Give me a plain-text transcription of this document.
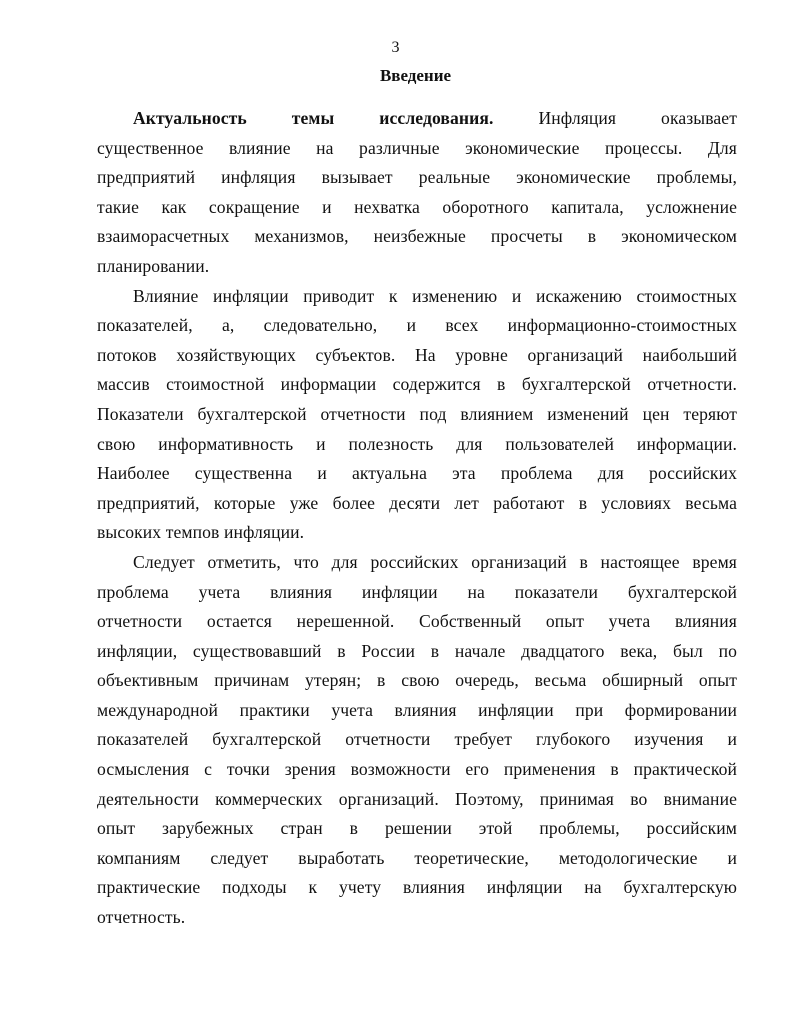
3
Введение
Актуальность темы исследования. Инфляция оказывает
существенное влияние на различные экономические процессы. Для
предприятий инфляция вызывает реальные экономические проблемы,
такие как сокращение и нехватка оборотного капитала, усложнение
взаиморасчетных механизмов, неизбежные просчеты в экономическом
планировании.
Влияние инфляции приводит к изменению и искажению стоимостных
показателей, а, следовательно, и всех информационно-стоимостных
потоков хозяйствующих субъектов. На уровне организаций наибольший
массив стоимостной информации содержится в бухгалтерской отчетности.
Показатели бухгалтерской отчетности под влиянием изменений цен теряют
свою информативность и полезность для пользователей информации.
Наиболее существенна и актуальна эта проблема для российских
предприятий, которые уже более десяти лет работают в условиях весьма
высоких темпов инфляции.
Следует отметить, что для российских организаций в настоящее время
проблема учета влияния инфляции на показатели бухгалтерской
отчетности остается нерешенной. Собственный опыт учета влияния
инфляции, существовавший в России в начале двадцатого века, был по
объективным причинам утерян; в свою очередь, весьма обширный опыт
международной практики учета влияния инфляции при формировании
показателей бухгалтерской отчетности требует глубокого изучения и
осмысления с точки зрения возможности его применения в практической
деятельности коммерческих организаций. Поэтому, принимая во внимание
опыт зарубежных стран в решении этой проблемы, российским
компаниям следует выработать теоретические, методологические и
практические подходы к учету влияния инфляции на бухгалтерскую
отчетность.
